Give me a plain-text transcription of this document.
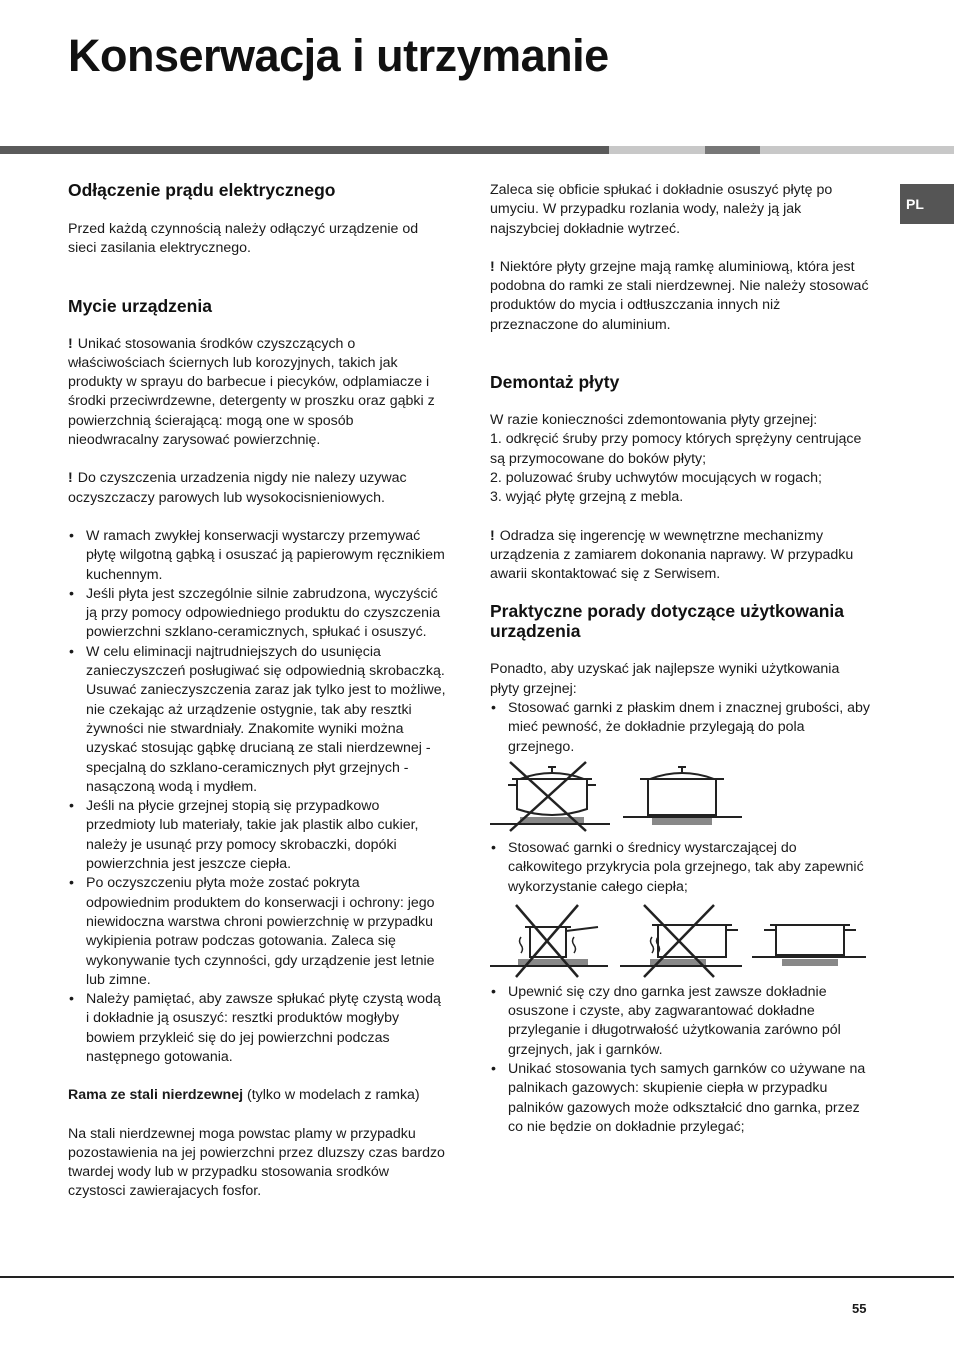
Konserwacja i utrzymanie
PL
Odłączenie prądu elektrycznego

Przed każdą czynnością należy odłączyć urządzenie od sieci zasilania elektrycznego.

Mycie urządzenia

! Unikać stosowania środków czyszczących o właściwościach ściernych lub korozyjnych, takich jak produkty w sprayu do barbecue i piecyków, odplamiacze i środki przeciwrdzewne, detergenty w proszku oraz gąbki z powierzchnią ścierającą: mogą one w sposób nieodwracalny zarysować powierzchnię.

! Do czyszczenia urzadzenia nigdy nie nalezy uzywac oczyszczaczy parowych lub wysokocisnieniowych.

• W ramach zwykłej konserwacji wystarczy przemywać płytę wilgotną gąbką i osuszać ją papierowym ręcznikiem kuchennym.
• Jeśli płyta jest szczególnie silnie zabrudzona, wyczyścić ją przy pomocy odpowiedniego produktu do czyszczenia powierzchni szklano-ceramicznych, spłukać i osuszyć.
• W celu eliminacji najtrudniejszych do usunięcia zanieczyszczeń posługiwać się odpowiednią skrobaczką. Usuwać zanieczyszczenia zaraz jak tylko jest to możliwe, nie czekając aż urządzenie ostygnie, tak aby resztki żywności nie stwardniały. Znakomite wyniki można uzyskać stosując gąbkę drucianą ze stali nierdzewnej - specjalną do szklano-ceramicznych płyt grzejnych - nasączoną wodą i mydłem.
• Jeśli na płycie grzejnej stopią się przypadkowo przedmioty lub materiały, takie jak plastik albo cukier, należy je usunąć przy pomocy skrobaczki, dopóki powierzchnia jest jeszcze ciepła.
• Po oczyszczeniu płyta może zostać pokryta odpowiednim produktem do konserwacji i ochrony: jego niewidoczna warstwa chroni powierzchnię w przypadku wykipienia potraw podczas gotowania. Zaleca się wykonywanie tych czynności, gdy urządzenie jest letnie lub zimne.
• Należy pamiętać, aby zawsze spłukać płytę czystą wodą i dokładnie ją osuszyć: resztki produktów mogłyby bowiem przykleić się do jej powierzchni podczas następnego gotowania.

Rama ze stali nierdzewnej (tylko w modelach z ramka)

Na stali nierdzewnej moga powstac plamy w przypadku pozostawienia na jej powierzchni przez dluzszy czas bardzo twardej wody lub w przypadku stosowania srodków czystosci zawierajacych fosfor.

Zaleca się obficie spłukać i dokładnie osuszyć płytę po umyciu. W przypadku rozlania wody, należy ją jak najszybciej dokładnie wytrzeć.

! Niektóre płyty grzejne mają ramkę aluminiową, która jest podobna do ramki ze stali nierdzewnej. Nie należy stosować produktów do mycia i odtłuszczania innych niż przeznaczone do aluminium.

Demontaż płyty

W razie konieczności zdemontowania płyty grzejnej:

1. odkręcić śruby przy pomocy których sprężyny centrujące są przymocowane do boków płyty;

2. poluzować śruby uchwytów mocujących w rogach;

3. wyjąć płytę grzejną z mebla.

! Odradza się ingerencję w wewnętrzne mechanizmy urządzenia z zamiarem dokonania naprawy. W przypadku awarii skontaktować się z Serwisem.

Praktyczne porady dotyczące użytkowania urządzenia

Ponadto, aby uzyskać jak najlepsze wyniki użytkowania płyty grzejnej:

• Stosować garnki z płaskim dnem i znacznej grubości, aby mieć pewność, że dokładnie przylegają do pola grzejnego.
• Stosować garnki o średnicy wystarczającej do całkowitego przykrycia pola grzejnego, tak aby zapewnić wykorzystanie całego ciepła;
• Upewnić się czy dno garnka jest zawsze dokładnie osuszone i czyste, aby zagwarantować dokładne przyleganie i długotrwałość użytkowania zarówno pól grzejnych, jak i garnków.
• Unikać stosowania tych samych garnków co używane na palnikach gazowych: skupienie ciepła w przypadku palników gazowych może odkształcić dno garnka, przez co nie będzie on dokładnie przylegać;
55
